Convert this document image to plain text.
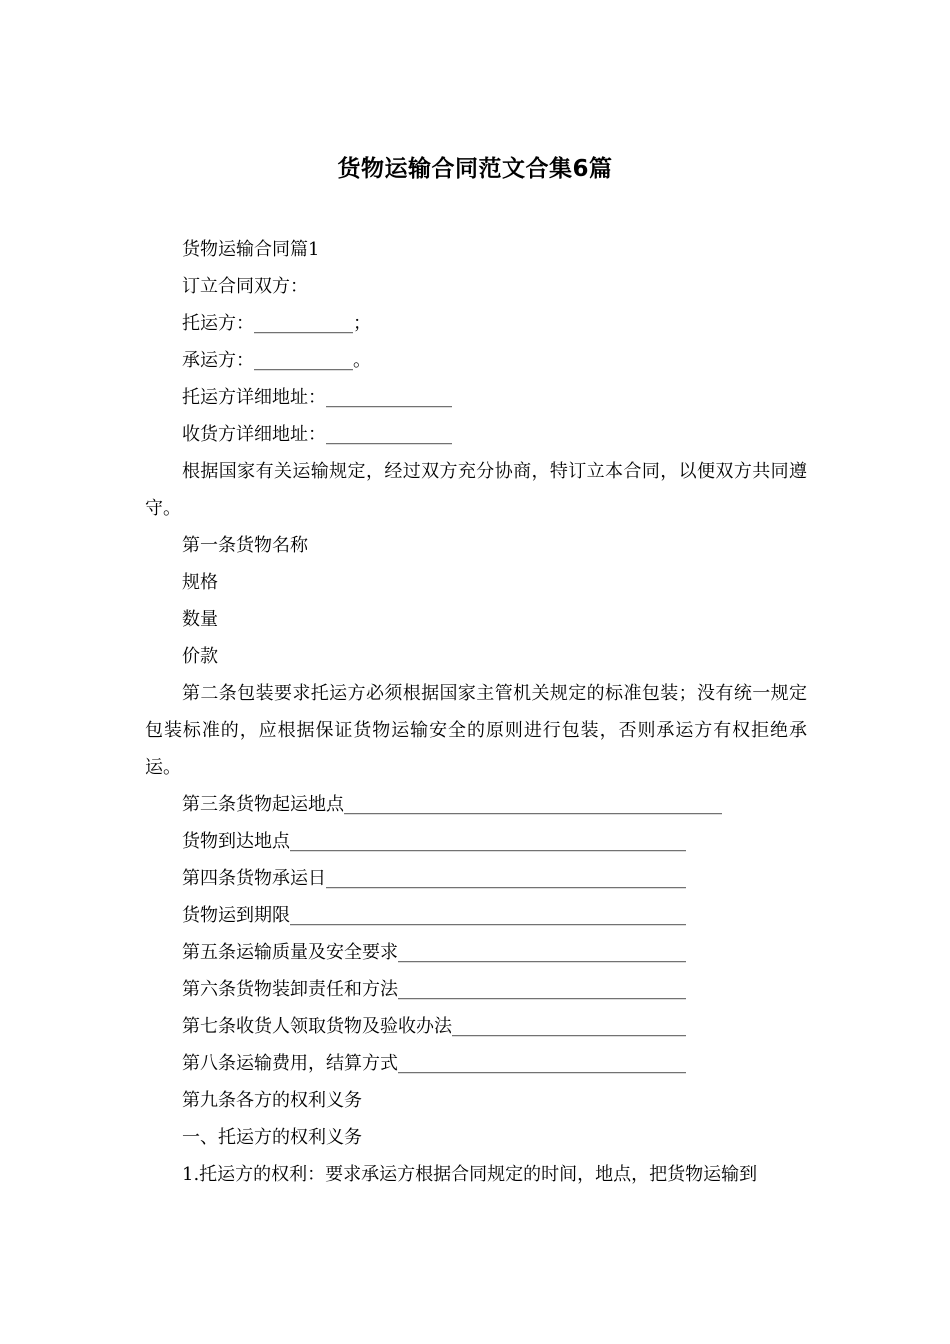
货物运输合同范文合集6篇

货物运输合同篇1

订立合同双方：

托运方：___________；

承运方：___________。

托运方详细地址：______________

收货方详细地址：______________

根据国家有关运输规定，经过双方充分协商，特订立本合同，以便双方共同遵守。

第一条货物名称

规格

数量

价款

第二条包装要求托运方必须根据国家主管机关规定的标准包装；没有统一规定包装标准的，应根据保证货物运输安全的原则进行包装，否则承运方有权拒绝承运。

第三条货物起运地点__________________________________________

货物到达地点____________________________________________

第四条货物承运日________________________________________

货物运到期限____________________________________________

第五条运输质量及安全要求________________________________

第六条货物装卸责任和方法________________________________

第七条收货人领取货物及验收办法__________________________

第八条运输费用，结算方式________________________________

第九条各方的权利义务

一、托运方的权利义务

1.托运方的权利：要求承运方根据合同规定的时间，地点，把货物运输到
